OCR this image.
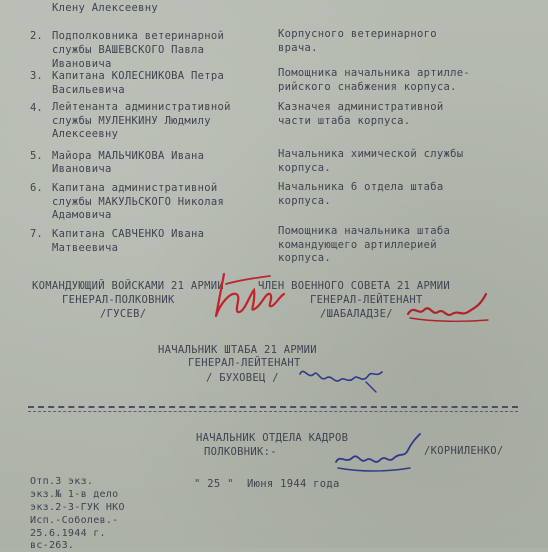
Клену Алексеевну
2. Подполковника ветеринарной
службы ВАШЕВСКОГО Павла
Ивановича
Корпусного ветеринарного
врача.
3. Капитана КОЛЕСНИКОВА Петра
Васильевича
Помощника начальника артилле-
рийского снабжения корпуса.
4. Лейтенанта административной
службы МУЛЕНКИНУ Людмилу
Алексеевну
Казначея административной
части штаба корпуса.
5. Майора МАЛЬЧИКОВА Ивана
Ивановича
Начальника химической службы
корпуса.
6. Капитана административной
службы МАКУЛЬСКОГО Николая
Адамовича
Начальника 6 отдела штаба
корпуса.
7. Капитана САВЧЕНКО Ивана
Матвеевича
Помощника начальника штаба
командующего артиллерией
корпуса.
КОМАНДУЮЩИЙ ВОЙСКАМИ 21 АРМИИ
ГЕНЕРАЛ-ПОЛКОВНИК
/ГУСЕВ/
ЧЛЕН ВОЕННОГО СОВЕТА 21 АРМИИ
ГЕНЕРАЛ-ЛЕЙТЕНАНТ
/ШАБАЛАДЗЕ/
НАЧАЛЬНИК ШТАБА 21 АРМИИ
ГЕНЕРАЛ-ЛЕЙТЕНАНТ
/ БУХОВЕЦ /
НАЧАЛЬНИК ОТДЕЛА КАДРОВ
ПОЛКОВНИК:-	/КОРНИЛЕНКО/
" 25 "  Июня 1944 года
Отп.3 экз.
экз.№ 1-в дело
экз.2-3-ГУК НКО
Исп.-Соболев.-
25.6.1944 г.
вс-263.
